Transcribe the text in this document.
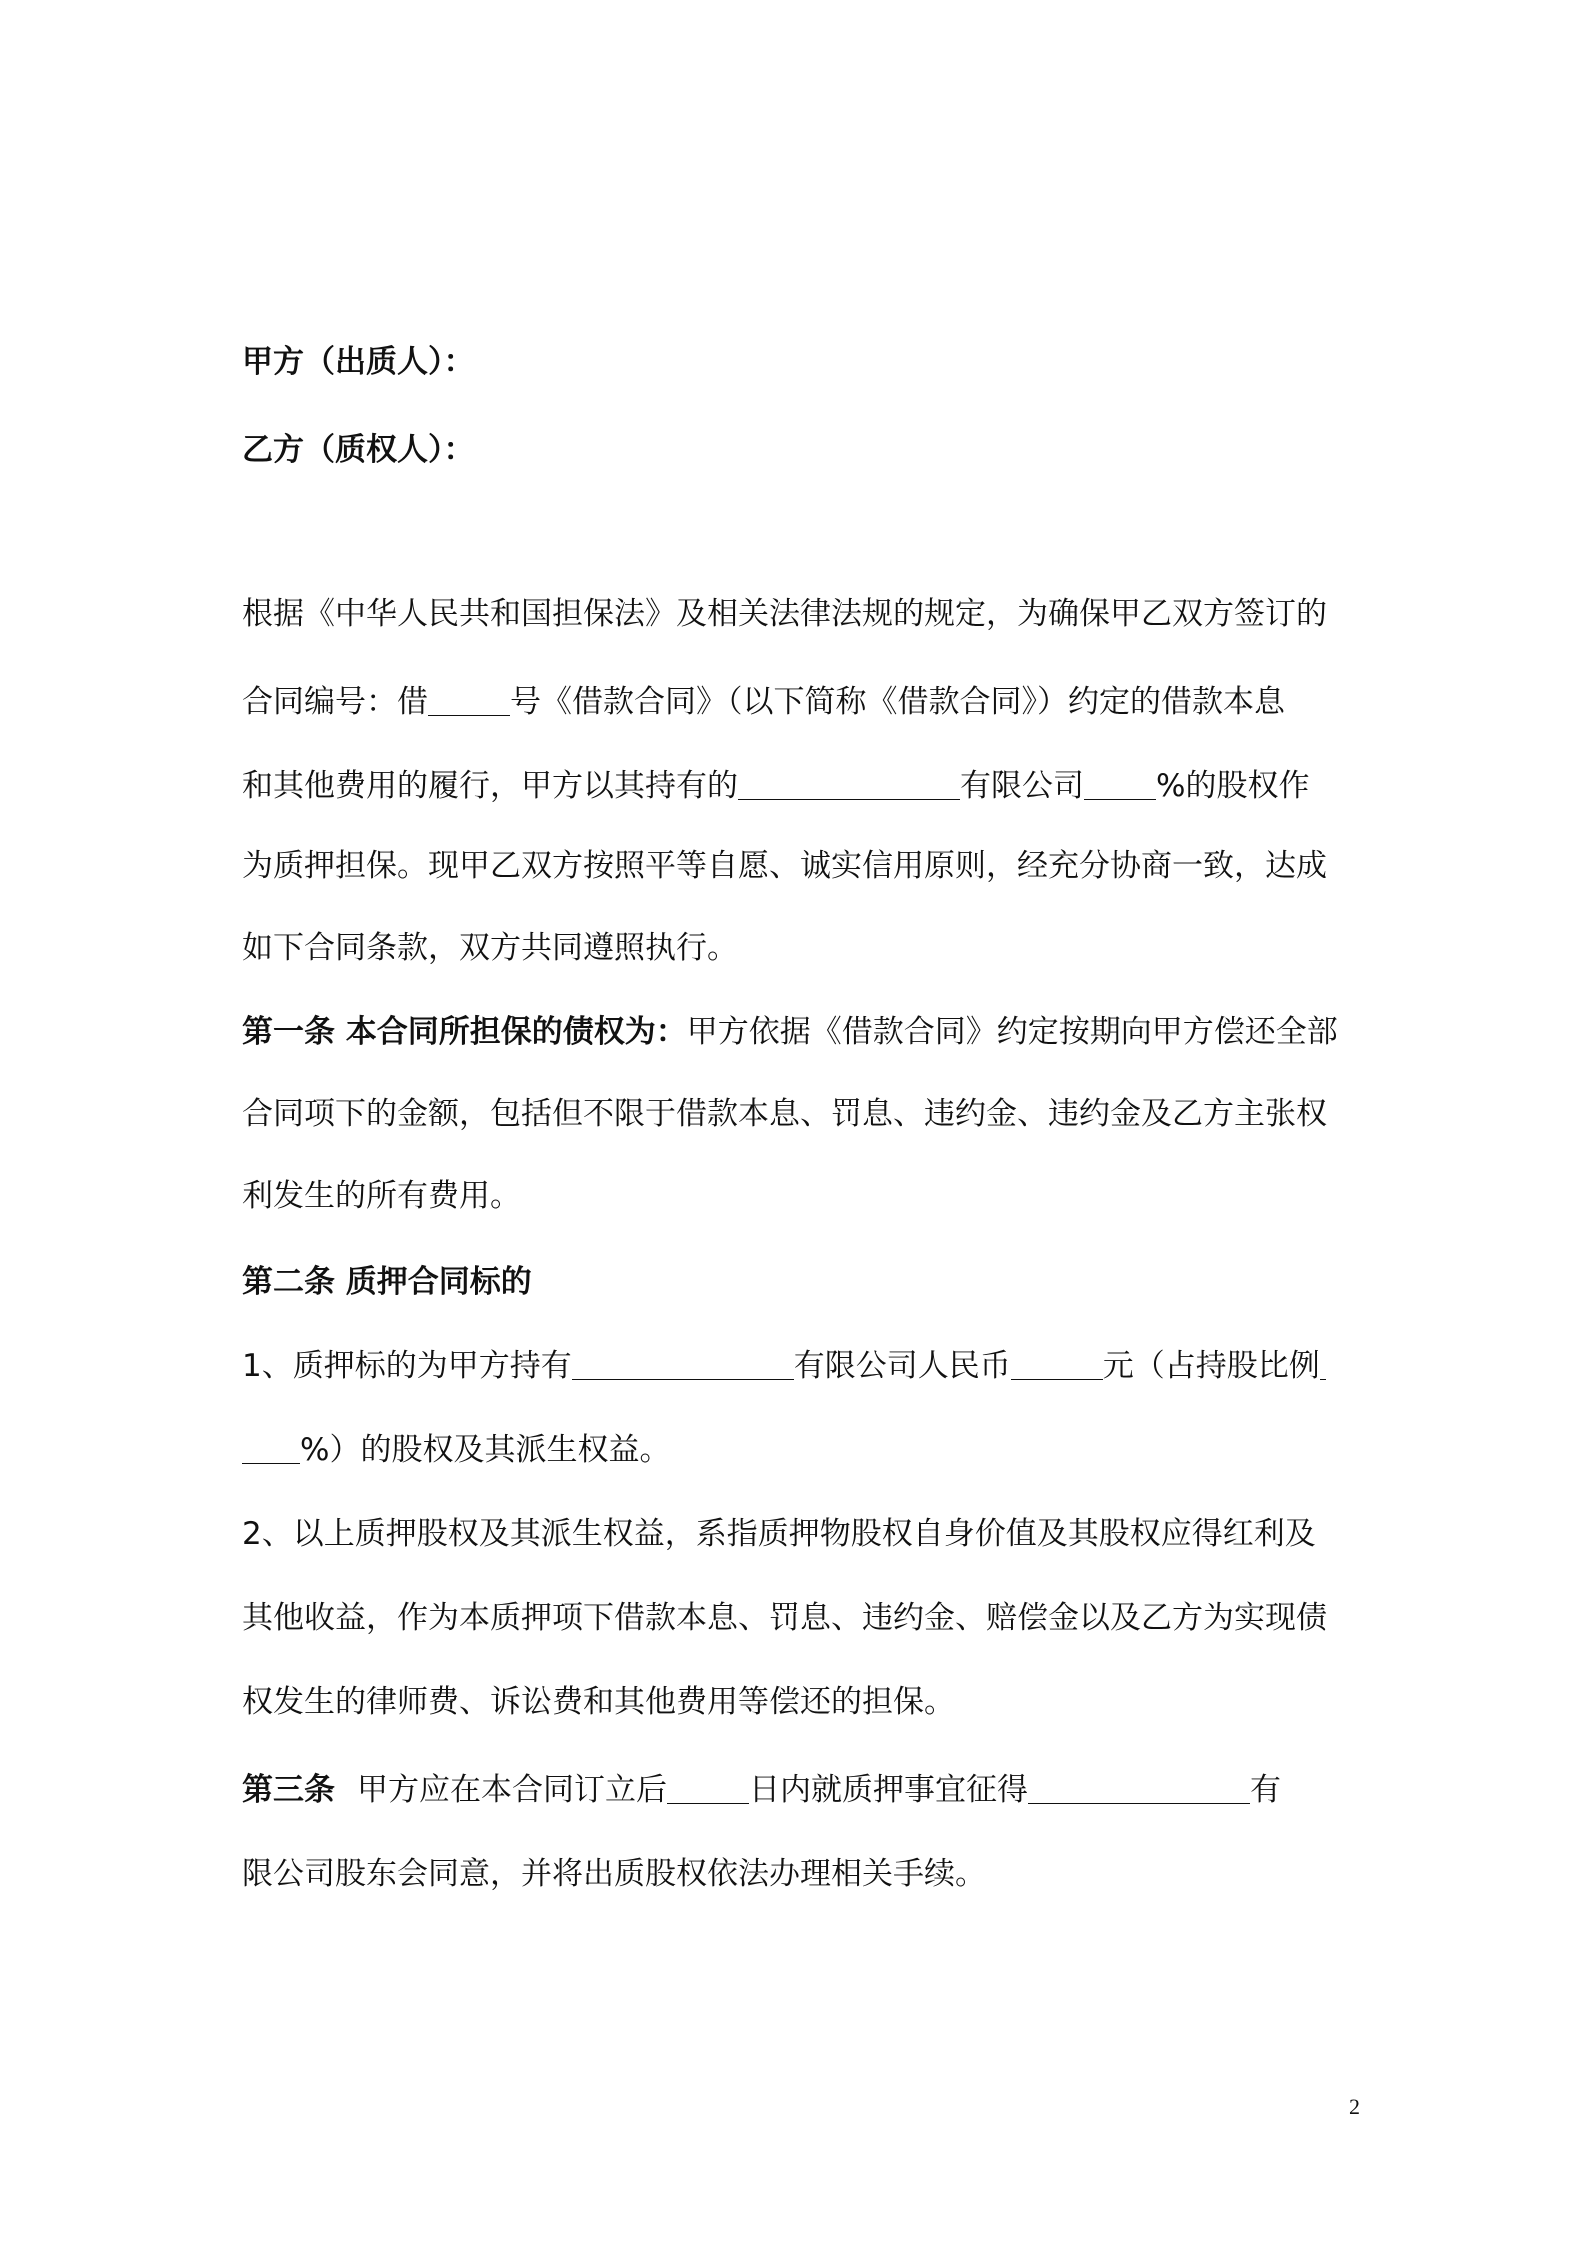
甲方（出质人）：
乙方（质权人）：
根据《中华人民共和国担保法》及相关法律法规的规定，为确保甲乙双方签订的
合同编号：借	号《借款合同》（以下简称《借款合同》）约定的借款本息
和其他费用的履行，甲方以其持有的	有限公司 %的股权作
为质押担保。现甲乙双方按照平等自愿、诚实信用原则，经充分协商一致，达成
如下合同条款，双方共同遵照执行。
第一条 本合同所担保的债权为：甲方依据《借款合同》约定按期向甲方偿还全部
合同项下的金额，包括但不限于借款本息、罚息、违约金、违约金及乙方主张权
利发生的所有费用。
第二条 质押合同标的
1、质押标的为甲方持有	有限公司人民币	元（占持股比例
%）的股权及其派生权益。
2、以上质押股权及其派生权益，系指质押物股权自身价值及其股权应得红利及
其他收益，作为本质押项下借款本息、罚息、违约金、赔偿金以及乙方为实现债
权发生的律师费、诉讼费和其他费用等偿还的担保。
第三条 甲方应在本合同订立后	日内就质押事宜征得	有
限公司股东会同意，并将出质股权依法办理相关手续。
2
